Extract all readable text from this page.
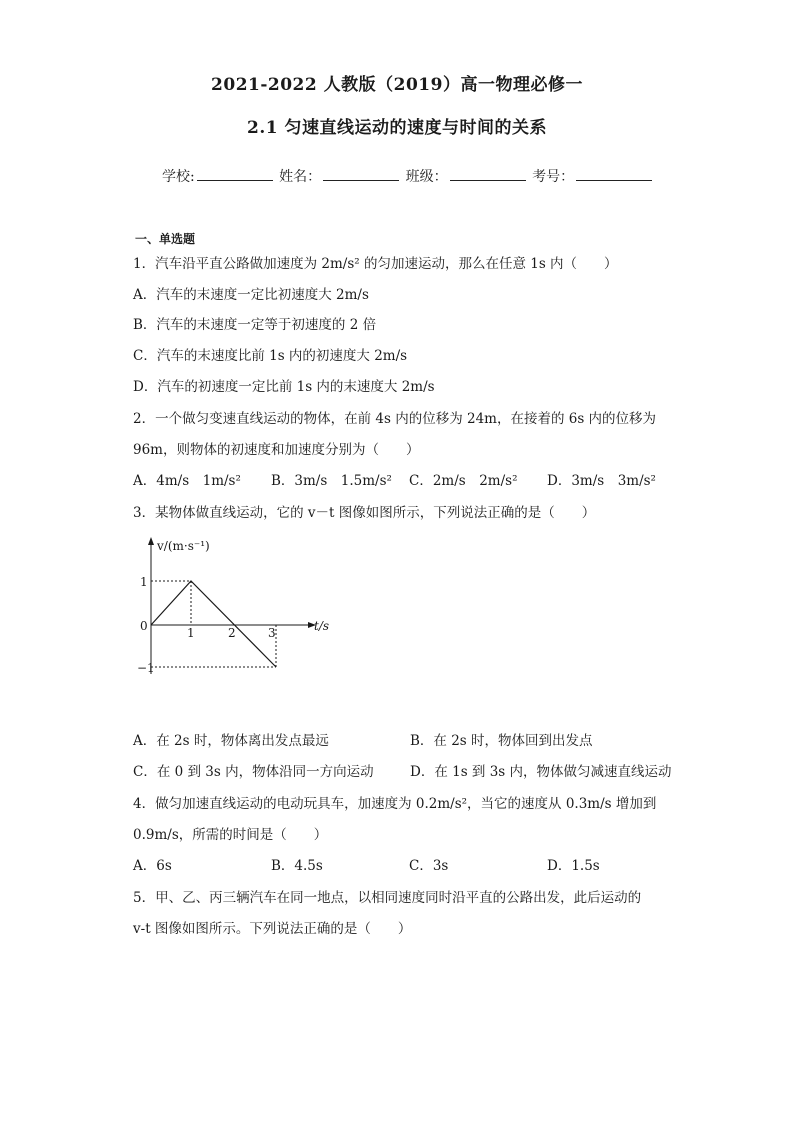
2021-2022 人教版（2019）高一物理必修一
2.1 匀速直线运动的速度与时间的关系
学校:	姓名：	班级：	考号：
一、单选题
1．汽车沿平直公路做加速度为 2m/s² 的匀加速运动，那么在任意 1s 内（　　）
A．汽车的末速度一定比初速度大 2m/s
B．汽车的末速度一定等于初速度的 2 倍
C．汽车的末速度比前 1s 内的初速度大 2m/s
D．汽车的初速度一定比前 1s 内的末速度大 2m/s
2．一个做匀变速直线运动的物体，在前 4s 内的位移为 24m，在接着的 6s 内的位移为
96m，则物体的初速度和加速度分别为（　　）
A．4m/s　1m/s² B．3m/s　1.5m/s² C．2m/s　2m/s² D．3m/s　3m/s²
3．某物体做直线运动，它的 v－t 图像如图所示，下列说法正确的是（　　）
v/(m·s⁻¹)
t/s
0	1	2	3
1
−1
A．在 2s 时，物体离出发点最远	B．在 2s 时，物体回到出发点
C．在 0 到 3s 内，物体沿同一方向运动	D．在 1s 到 3s 内，物体做匀减速直线运动
4．做匀加速直线运动的电动玩具车，加速度为 0.2m/s²，当它的速度从 0.3m/s 增加到
0.9m/s，所需的时间是（　　）
A．6s	B．4.5s	C．3s	D．1.5s
5．甲、乙、丙三辆汽车在同一地点，以相同速度同时沿平直的公路出发，此后运动的
v-t 图像如图所示。下列说法正确的是（　　）
